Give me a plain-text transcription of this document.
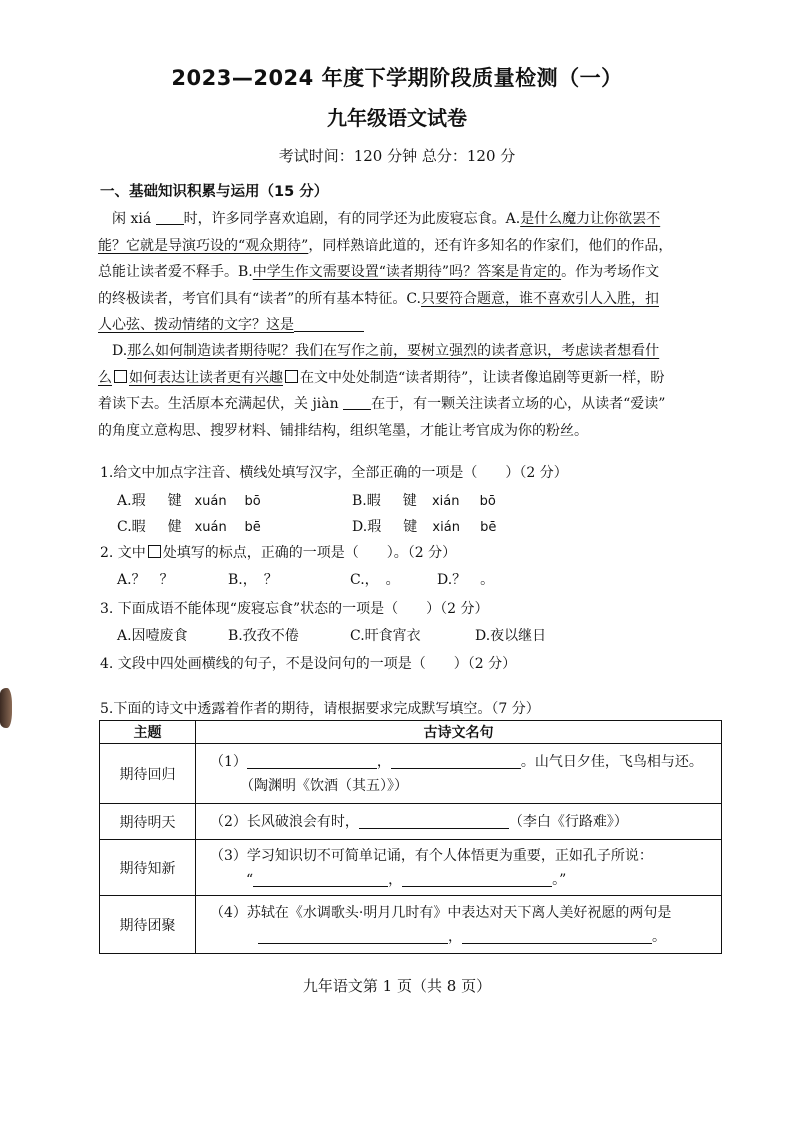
2023—2024 年度下学期阶段质量检测（一）
九年级语文试卷
考试时间：120 分钟 总分：120 分
一、基础知识积累与运用（15 分）
闲 xiá 时，许多同学喜欢追剧，有的同学还为此废寝忘食。A.是什么魔力让你欲罢不
能？它就是导演巧设的“观众期待”，同样熟谙此道的，还有许多知名的作家们，他们的作品，
总能让读者爱不释手。B.中学生作文需要设置“读者期待”吗？答案是肯定的。作为考场作文
的终极读者，考官们具有“读者”的所有基本特征。C.只要符合题意，谁不喜欢引人入胜，扣
人心弦、拨动情绪的文字？这是
D.那么如何制造读者期待呢？我们在写作之前，要树立强烈的读者意识，考虑读者想看什
么 如何表达让读者更有兴趣 在文中处处制造“读者期待”，让读者像追剧等更新一样，盼
着读下去。生活原本充满起伏，关 jiàn 在于，有一颗关注读者立场的心，从读者“爱读”
的角度立意构思、搜罗材料、铺排结构，组织笔墨，才能让考官成为你的粉丝。
1.给文中加点字注音、横线处填写汉字，全部正确的一项是（　　）（2 分）
A.瑕 键 xuán bō	B.暇 键 xián bō
C.暇 健 xuán bē	D.瑕 键 xián bē
2. 文中 处填写的标点，正确的一项是（　　）。（2 分）
A.？　？	B.，　？	C.，　。	D.？　。
3. 下面成语不能体现“废寝忘食”状态的一项是（　　）（2 分）
A.因噎废食	B.孜孜不倦	C.旰食宵衣	D.夜以继日
4. 文段中四处画横线的句子，不是设问句的一项是（　　）（2 分）
5.下面的诗文中透露着作者的期待，请根据要求完成默写填空。（7 分）
主题	古诗文名句
期待回归	（1） ， 。山气日夕佳，飞鸟相与还。
（陶渊明《饮酒（其五）》）

期待明天	（2）长风破浪会有时， （李白《行路难》）
期待知新	（3）学习知识切不可简单记诵，有个人体悟更为重要，正如孔子所说：
“ ， 。”

期待团聚	（4）苏轼在《水调歌头·明月几时有》中表达对天下离人美好祝愿的两句是
， 。
九年语文第 1 页（共 8 页）
